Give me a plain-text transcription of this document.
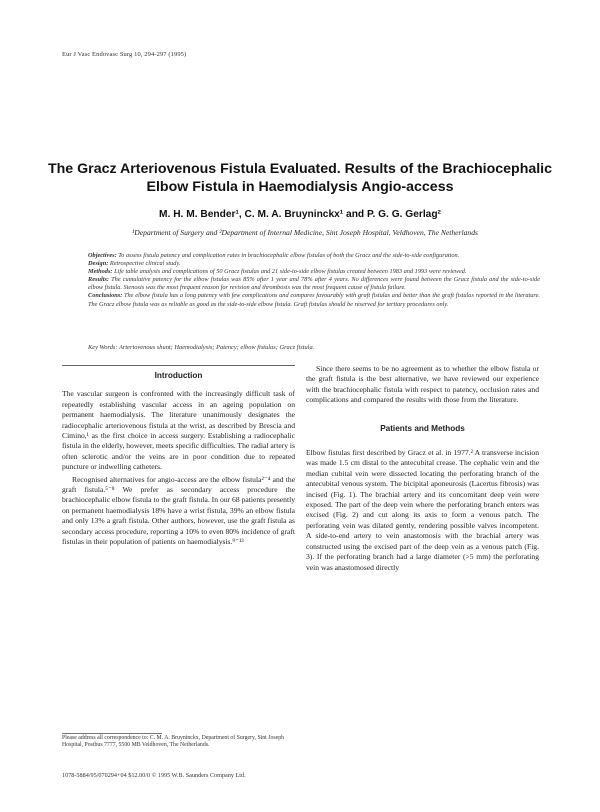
Eur J Vasc Endovasc Surg 10, 294-297 (1995)
The Gracz Arteriovenous Fistula Evaluated. Results of the Brachiocephalic Elbow Fistula in Haemodialysis Angio-access
M. H. M. Bender¹, C. M. A. Bruyninckx¹ and P. G. G. Gerlag²
¹Department of Surgery and ²Department of Internal Medicine, Sint Joseph Hospital, Veldhoven, The Netherlands

Objectives: To assess fistula patency and complication rates in brachiocephalic elbow fistulas of both the Gracz and the side-to-side configuration.

Design: Retrospective clinical study.

Methods: Life table analysis and complications of 50 Gracz fistulas and 21 side-to-side elbow fistulas created between 1983 and 1993 were reviewed.

Results: The cumulative patency for the elbow fistulas was 85% after 1 year and 78% after 4 years. No differences were found between the Gracz fistula and the side-to-side elbow fistula. Stenosis was the most frequent reason for revision and thrombosis was the most frequent cause of fistula failure.

Conclusions: The elbow fistula has a long patency with few complications and compares favourably with graft fistulas and better than the graft fistulas reported in the literature. The Gracz elbow fistula was as reliable as good as the side-to-side elbow fistula. Graft fistulas should be reserved for tertiary procedures only.

Key Words: Arteriovenous shunt; Haemodialysis; Patency; elbow fistulas; Gracz fistula.
Introduction

The vascular surgeon is confronted with the increasingly difficult task of repeatedly establishing vascular access in an ageing population on permanent haemodialysis. The literature unanimously designates the radiocephalic arteriovenous fistula at the wrist, as described by Brescia and Cimino,¹ as the first choice in access surgery. Establishing a radiocephalic fistula in the elderly, however, meets specific difficulties. The radial artery is often sclerotic and/or the veins are in poor condition due to repeated puncture or indwelling catheters.

Recognised alternatives for angio-access are the elbow fistula²⁻⁴ and the graft fistula.⁵⁻⁸ We prefer as secondary access procedure the brachiocephalic elbow fistula to the graft fistula. In our 68 patients presently on permanent haemodialysis 18% have a wrist fistula, 39% an elbow fistula and only 13% a graft fistula. Other authors, however, use the graft fistula as secondary access procedure, reporting a 10% to even 80% incidence of graft fistulas in their population of patients on haemodialysis.⁹⁻¹³

Since there seems to be no agreement as to whether the elbow fistula or the graft fistula is the best alternative, we have reviewed our experience with the brachiocephalic fistula with respect to patency, occlusion rates and complications and compared the results with those from the literature.

Patients and Methods

Elbow fistulas first described by Gracz et al. in 1977.² A transverse incision was made 1.5 cm distal to the antecubital crease. The cephalic vein and the median cubital vein were dissected locating the perforating branch of the antecubital venous system. The bicipital aponeurosis (Lacertus fibrosis) was incised (Fig. 1). The brachial artery and its concomitant deep vein were exposed. The part of the deep vein where the perforating branch enters was excised (Fig. 2) and cut along its axis to form a venous patch. The perforating vein was dilated gently, rendering possible valves incompetent. A side-to-end artery to vein anastomosis with the brachial artery was constructed using the excised part of the deep vein as a venous patch (Fig. 3). If the perforating branch had a large diameter (>5 mm) the perforating vein was anastomosed directly

Please address all correspondence to: C. M. A. Bruyninckx, Department of Surgery, Sint Joseph Hospital, Postbus 7777, 5500 MB Veldhoven, The Netherlands.
1078-5884/95/070294+04 $12.00/0 © 1995 W.B. Saunders Company Ltd.
